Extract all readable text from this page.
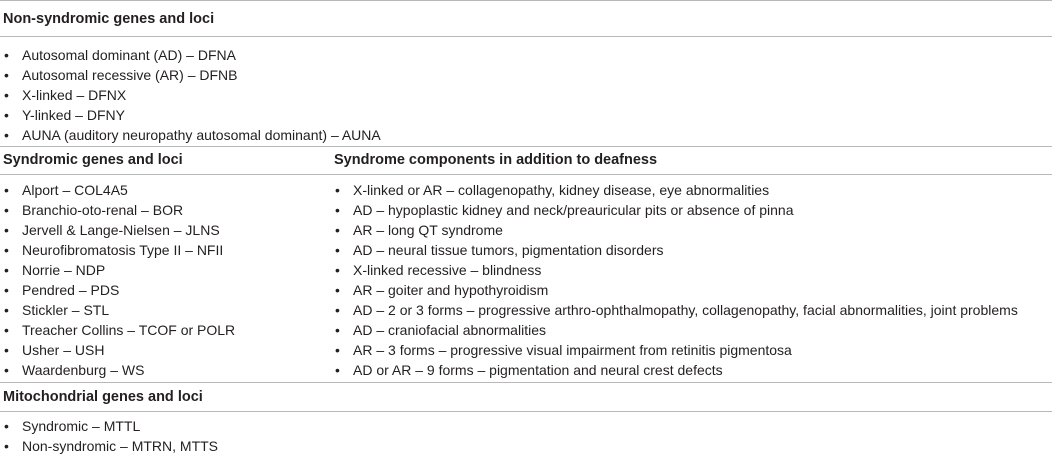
Non-syndromic genes and loci
• Autosomal dominant (AD) – DFNA
• Autosomal recessive (AR) – DFNB
• X-linked – DFNX
• Y-linked – DFNY
• AUNA (auditory neuropathy autosomal dominant) – AUNA
Syndromic genes and loci	Syndrome components in addition to deafness
• Alport – COL4A5
• Branchio-oto-renal – BOR
• Jervell & Lange-Nielsen – JLNS
• Neurofibromatosis Type II – NFII
• Norrie – NDP
• Pendred – PDS
• Stickler – STL
• Treacher Collins – TCOF or POLR
• Usher – USH
• Waardenburg – WS
• X-linked or AR – collagenopathy, kidney disease, eye abnormalities
• AD – hypoplastic kidney and neck/preauricular pits or absence of pinna
• AR – long QT syndrome
• AD – neural tissue tumors, pigmentation disorders
• X-linked recessive – blindness
• AR – goiter and hypothyroidism
• AD – 2 or 3 forms – progressive arthro-ophthalmopathy, collagenopathy, facial abnormalities, joint problems
• AD – craniofacial abnormalities
• AR – 3 forms – progressive visual impairment from retinitis pigmentosa
• AD or AR – 9 forms – pigmentation and neural crest defects
Mitochondrial genes and loci
• Syndromic – MTTL
• Non-syndromic – MTRN, MTTS
